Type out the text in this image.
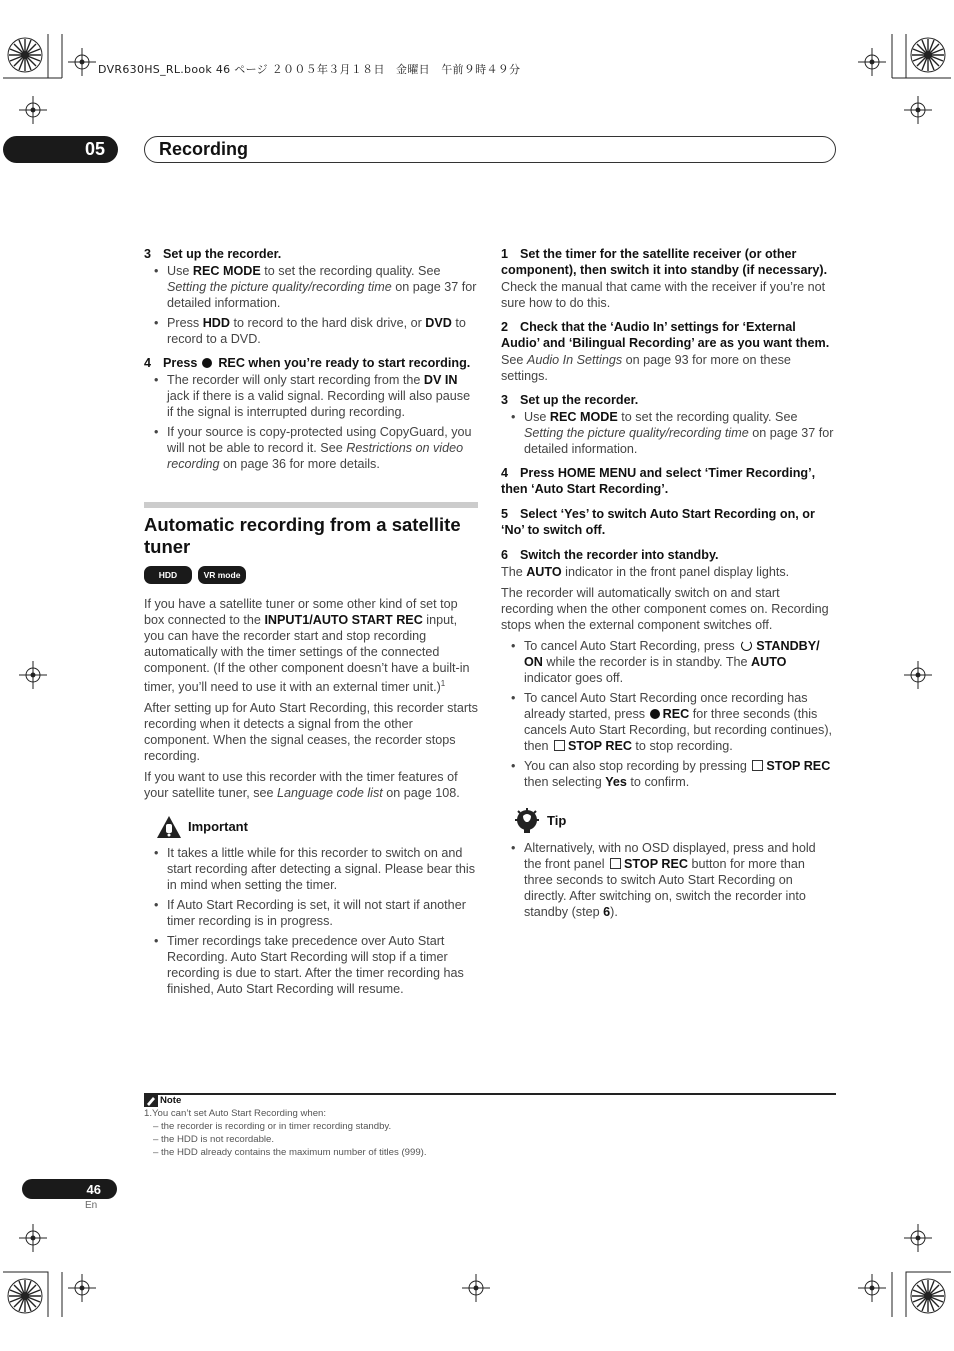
DVR630HS_RL.book 46 ページ ２００５年３月１８日　金曜日　午前９時４９分
05	Recording

3 Set up the recorder.

• Use REC MODE to set the recording quality. See Setting the picture quality/recording time on page 37 for detailed information.

• Press HDD to record to the hard disk drive, or DVD to record to a DVD.

4 Press  REC when you’re ready to start recording.

• The recorder will only start recording from the DV IN jack if there is a valid signal. Recording will also pause if the signal is interrupted during recording.

• If your source is copy-protected using CopyGuard, you will not be able to record it. See Restrictions on video recording on page 36 for more details.

Automatic recording from a satellite tuner
HDD	VR mode

If you have a satellite tuner or some other kind of set top box connected to the INPUT1/AUTO START REC input, you can have the recorder start and stop recording automatically with the timer settings of the connected component. (If the other component doesn’t have a built-in timer, you’ll need to use it with an external timer unit.)$^1$

After setting up for Auto Start Recording, this recorder starts recording when it detects a signal from the other component. When the signal ceases, the recorder stops recording.

If you want to use this recorder with the timer features of your satellite tuner, see Language code list on page 108.

Important

• It takes a little while for this recorder to switch on and start recording after detecting a signal. Please bear this in mind when setting the timer.

• If Auto Start Recording is set, it will not start if another timer recording is in progress.

• Timer recordings take precedence over Auto Start Recording. Auto Start Recording will stop if a timer recording is due to start. After the timer recording has finished, Auto Start Recording will resume.

1 Set the timer for the satellite receiver (or other component), then switch it into standby (if necessary).

Check the manual that came with the receiver if you’re not sure how to do this.

2 Check that the ‘Audio In’ settings for ‘External Audio’ and ‘Bilingual Recording’ are as you want them.

See Audio In Settings on page 93 for more on these settings.

3 Set up the recorder.

• Use REC MODE to set the recording quality. See Setting the picture quality/recording time on page 37 for detailed information.

4 Press HOME MENU and select ‘Timer Recording’, then ‘Auto Start Recording’.

5 Select ‘Yes’ to switch Auto Start Recording on, or ‘No’ to switch off.

6 Switch the recorder into standby.

The AUTO indicator in the front panel display lights.

The recorder will automatically switch on and start recording when the other component comes on. Recording stops when the external component switches off.

• To cancel Auto Start Recording, press STANDBY/ ON while the recorder is in standby. The AUTO indicator goes off.

• To cancel Auto Start Recording once recording has already started, press REC for three seconds (this cancels Auto Start Recording, but recording continues), then STOP REC to stop recording.

• You can also stop recording by pressing STOP REC then selecting Yes to confirm.

Tip

• Alternatively, with no OSD displayed, press and hold the front panel STOP REC button for more than three seconds to switch Auto Start Recording on directly. After switching on, switch the recorder into standby (step 6).

Note
1.You can’t set Auto Start Recording when:
– the recorder is recording or in timer recording standby.
– the HDD is not recordable.
– the HDD already contains the maximum number of titles (999).
46
En
